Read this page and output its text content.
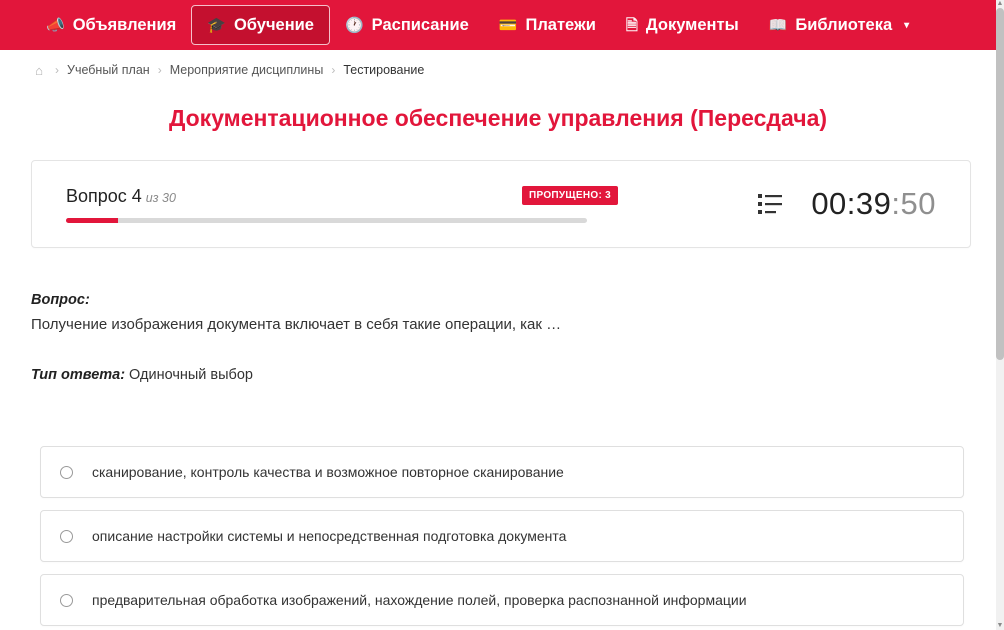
📣 Объявления 🎓 Обучение 🕐 Расписание 💳 Платежи 🗎 Документы 📖 Библиотека ▾
⌂	› Учебный план › Мероприятие дисциплины › Тестирование
Документационное обеспечение управления (Пересдача)
Вопрос 4 из 30	ПРОПУЩЕНО: 3	00:39:50
Вопрос:
Получение изображения документа включает в себя такие операции, как …
Тип ответа: Одиночный выбор
сканирование, контроль качества и возможное повторное сканирование
описание настройки системы и непосредственная подготовка документа
предварительная обработка изображений, нахождение полей, проверка распознанной информации
▲
▼
